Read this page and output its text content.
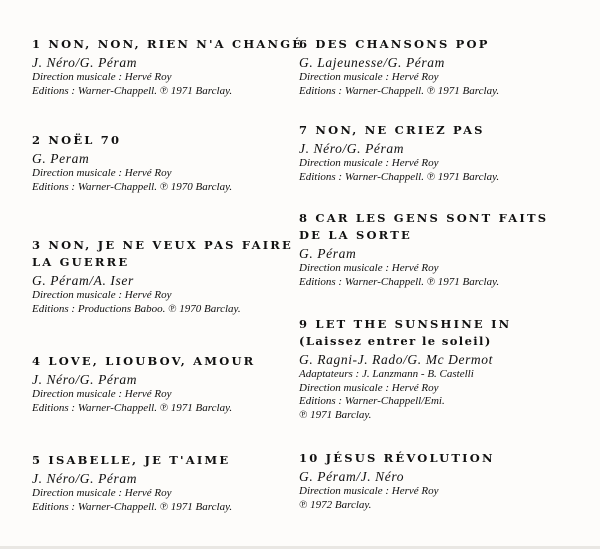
1 NON, NON, RIEN N'A CHANGÉ
J. Néro/G. Péram
Direction musicale : Hervé Roy
Editions : Warner-Chappell. ℗ 1971 Barclay.
2 NOËL 70
G. Peram
Direction musicale : Hervé Roy
Editions : Warner-Chappell. ℗ 1970 Barclay.
3 NON, JE NE VEUX PAS FAIRE
LA GUERRE
G. Péram/A. Iser
Direction musicale : Hervé Roy
Editions : Productions Baboo. ℗ 1970 Barclay.
4 LOVE, LIOUBOV, AMOUR
J. Néro/G. Péram
Direction musicale : Hervé Roy
Editions : Warner-Chappell. ℗ 1971 Barclay.
5 ISABELLE, JE T'AIME
J. Néro/G. Péram
Direction musicale : Hervé Roy
Editions : Warner-Chappell. ℗ 1971 Barclay.
6 DES CHANSONS POP
G. Lajeunesse/G. Péram
Direction musicale : Hervé Roy
Editions : Warner-Chappell. ℗ 1971 Barclay.
7 NON, NE CRIEZ PAS
J. Néro/G. Péram
Direction musicale : Hervé Roy
Editions : Warner-Chappell. ℗ 1971 Barclay.
8 CAR LES GENS SONT FAITS
DE LA SORTE
G. Péram
Direction musicale : Hervé Roy
Editions : Warner-Chappell. ℗ 1971 Barclay.
9 LET THE SUNSHINE IN
(Laissez entrer le soleil)
G. Ragni-J. Rado/G. Mc Dermot
Adaptateurs : J. Lanzmann - B. Castelli
Direction musicale : Hervé Roy
Editions : Warner-Chappell/Emi.
℗ 1971 Barclay.
10 JÉSUS RÉVOLUTION
G. Péram/J. Néro
Direction musicale : Hervé Roy
℗ 1972 Barclay.
